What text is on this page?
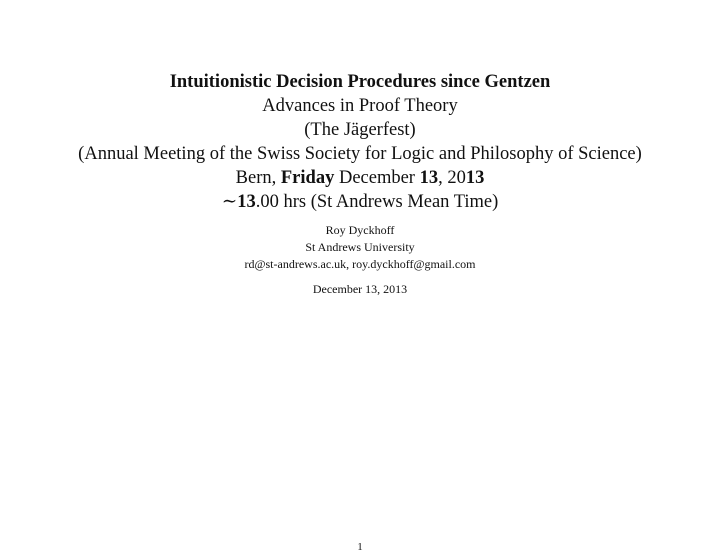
Intuitionistic Decision Procedures since Gentzen
Advances in Proof Theory
(The Jägerfest)
(Annual Meeting of the Swiss Society for Logic and Philosophy of Science)
Bern, Friday December 13, 2013
∼13.00 hrs (St Andrews Mean Time)
Roy Dyckhoff
St Andrews University
rd@st-andrews.ac.uk, roy.dyckhoff@gmail.com
December 13, 2013
1
